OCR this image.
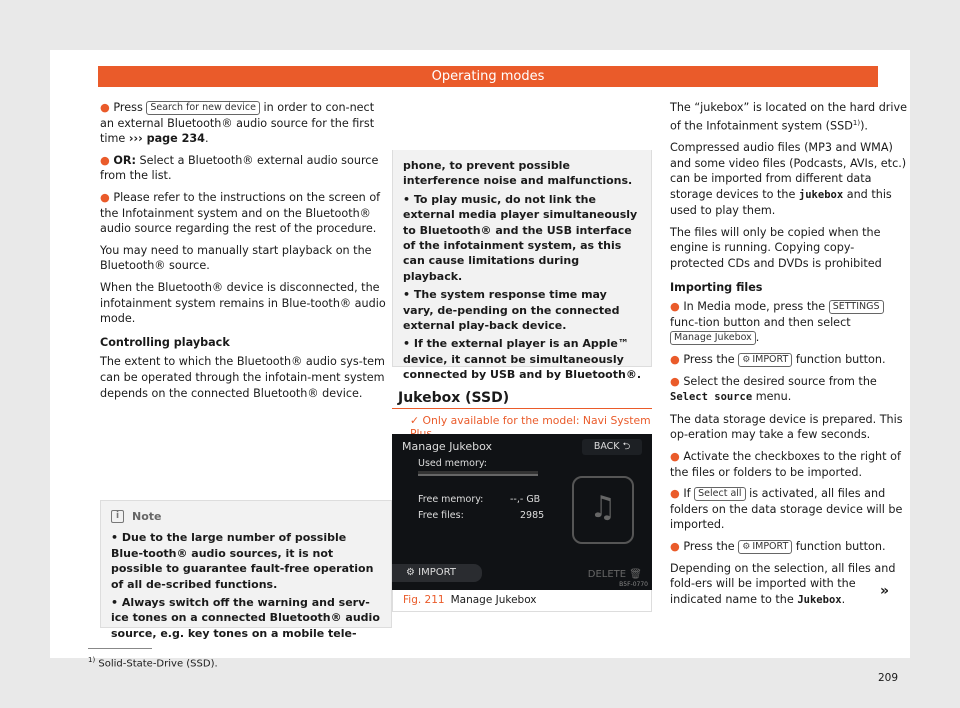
Operating modes

● Press Search for new device in order to con-nect an external Bluetooth® audio source for the first time ››› page 234.

● OR: Select a Bluetooth® external audio source from the list.

● Please refer to the instructions on the screen of the Infotainment system and on the Bluetooth® audio source regarding the rest of the procedure.

You may need to manually start playback on the Bluetooth® source.

When the Bluetooth® device is disconnected, the infotainment system remains in Blue-tooth® audio mode.

Controlling playback

The extent to which the Bluetooth® audio sys-tem can be operated through the infotain-ment system depends on the connected Bluetooth® device.

i	Note

• Due to the large number of possible Blue-tooth® audio sources, it is not possible to guarantee fault-free operation of all de-scribed functions.

• Always switch off the warning and serv-ice tones on a connected Bluetooth® audio source, e.g. key tones on a mobile tele-

phone, to prevent possible interference noise and malfunctions.

• To play music, do not link the external media player simultaneously to Bluetooth® and the USB interface of the infotainment system, as this can cause limitations during playback.

• The system response time may vary, de-pending on the connected external play-back device.

• If the external player is an Apple™ device, it cannot be simultaneously connected by USB and by Bluetooth®.

Jukebox (SSD)
✓ Only available for the model: Navi System
Manage Jukebox	BACK ⮌
Used memory:
Free memory:	--,- GB
Free files:	2985	♫
⚙ IMPORT	DELETE 🗑
B5F-0770
Fig. 211 Manage Jukebox

The “jukebox” is located on the hard drive of the Infotainment system (SSD$^{1)}$).

Compressed audio files (MP3 and WMA) and some video files (Podcasts, AVIs, etc.) can be imported from different data storage devices to the jukebox and this used to play them.

The files will only be copied when the engine is running. Copying copy-protected CDs and DVDs is prohibited

Importing files

● In Media mode, press the SETTINGS func-tion button and then select Manage Jukebox .

● Press the ⚙ IMPORT function button.

● Select the desired source from the Select source menu.

The data storage device is prepared. This op-eration may take a few seconds.

● Activate the checkboxes to the right of the files or folders to be imported.

● If Select all is activated, all files and folders on the data storage device will be imported.

● Press the ⚙ IMPORT function button.

Depending on the selection, all files and fold-ers will be imported with the indicated name to the Jukebox.

»
$^{1)}$ Solid-State-Drive (SSD).
209
